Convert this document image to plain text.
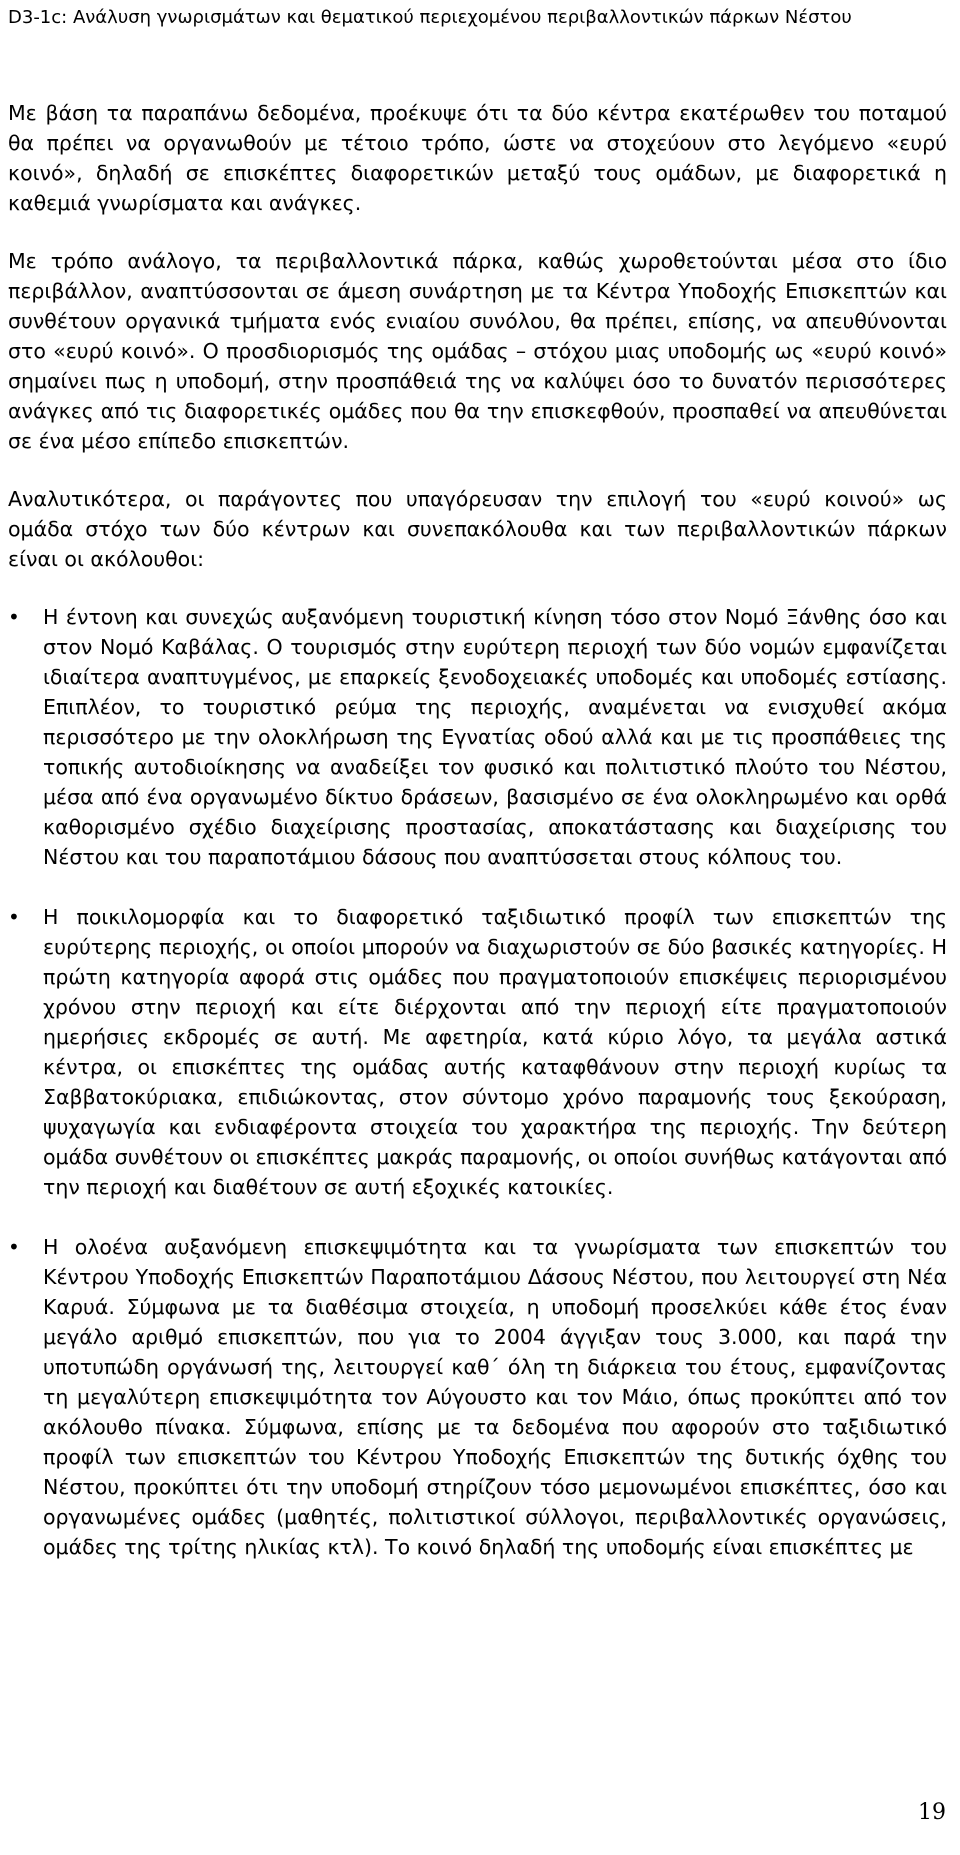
D3-1c: Ανάλυση γνωρισμάτων και θεματικού περιεχομένου περιβαλλοντικών πάρκων Νέστου

Με βάση τα παραπάνω δεδομένα, προέκυψε ότι τα δύο κέντρα εκατέρωθεν του ποταμού θα πρέπει να οργανωθούν με τέτοιο τρόπο, ώστε να στοχεύουν στο λεγόμενο «ευρύ κοινό», δηλαδή σε επισκέπτες διαφορετικών μεταξύ τους ομάδων, με διαφορετικά η καθεμιά γνωρίσματα και ανάγκες.

Με τρόπο ανάλογο, τα περιβαλλοντικά πάρκα, καθώς χωροθετούνται μέσα στο ίδιο περιβάλλον, αναπτύσσονται σε άμεση συνάρτηση με τα Κέντρα Υποδοχής Επισκεπτών και συνθέτουν οργανικά τμήματα ενός ενιαίου συνόλου, θα πρέπει, επίσης, να απευθύνονται στο «ευρύ κοινό». Ο προσδιορισμός της ομάδας – στόχου μιας υποδομής ως «ευρύ κοινό» σημαίνει πως η υποδομή, στην προσπάθειά της να καλύψει όσο το δυνατόν περισσότερες ανάγκες από τις διαφορετικές ομάδες που θα την επισκεφθούν, προσπαθεί να απευθύνεται σε ένα μέσο επίπεδο επισκεπτών.

Αναλυτικότερα, οι παράγοντες που υπαγόρευσαν την επιλογή του «ευρύ κοινού» ως ομάδα στόχο των δύο κέντρων και συνεπακόλουθα και των περιβαλλοντικών πάρκων είναι οι ακόλουθοι:

•	Η έντονη και συνεχώς αυξανόμενη τουριστική κίνηση τόσο στον Νομό Ξάνθης όσο και στον Νομό Καβάλας. Ο τουρισμός στην ευρύτερη περιοχή των δύο νομών εμφανίζεται ιδιαίτερα αναπτυγμένος, με επαρκείς ξενοδοχειακές υποδομές και υποδομές εστίασης. Επιπλέον, το τουριστικό ρεύμα της περιοχής, αναμένεται να ενισχυθεί ακόμα περισσότερο με την ολοκλήρωση της Εγνατίας οδού αλλά και με τις προσπάθειες της τοπικής αυτοδιοίκησης να αναδείξει τον φυσικό και πολιτιστικό πλούτο του Νέστου, μέσα από ένα οργανωμένο δίκτυο δράσεων, βασισμένο σε ένα ολοκληρωμένο και ορθά καθορισμένο σχέδιο διαχείρισης προστασίας, αποκατάστασης και διαχείρισης του Νέστου και του παραποτάμιου δάσους που αναπτύσσεται στους κόλπους του.
•	Η ποικιλομορφία και το διαφορετικό ταξιδιωτικό προφίλ των επισκεπτών της ευρύτερης περιοχής, οι οποίοι μπορούν να διαχωριστούν σε δύο βασικές κατηγορίες. Η πρώτη κατηγορία αφορά στις ομάδες που πραγματοποιούν επισκέψεις περιορισμένου χρόνου στην περιοχή και είτε διέρχονται από την περιοχή είτε πραγματοποιούν ημερήσιες εκδρομές σε αυτή. Με αφετηρία, κατά κύριο λόγο, τα μεγάλα αστικά κέντρα, οι επισκέπτες της ομάδας αυτής καταφθάνουν στην περιοχή κυρίως τα Σαββατοκύριακα, επιδιώκοντας, στον σύντομο χρόνο παραμονής τους ξεκούραση, ψυχαγωγία και ενδιαφέροντα στοιχεία του χαρακτήρα της περιοχής. Την δεύτερη ομάδα συνθέτουν οι επισκέπτες μακράς παραμονής, οι οποίοι συνήθως κατάγονται από την περιοχή και διαθέτουν σε αυτή εξοχικές κατοικίες.
•	Η ολοένα αυξανόμενη επισκεψιμότητα και τα γνωρίσματα των επισκεπτών του Κέντρου Υποδοχής Επισκεπτών Παραποτάμιου Δάσους Νέστου, που λειτουργεί στη Νέα Καρυά. Σύμφωνα με τα διαθέσιμα στοιχεία, η υποδομή προσελκύει κάθε έτος έναν μεγάλο αριθμό επισκεπτών, που για το 2004 άγγιξαν τους 3.000, και παρά την υποτυπώδη οργάνωσή της, λειτουργεί καθ΄ όλη τη διάρκεια του έτους, εμφανίζοντας τη μεγαλύτερη επισκεψιμότητα τον Αύγουστο και τον Μάιο, όπως προκύπτει από τον ακόλουθο πίνακα. Σύμφωνα, επίσης με τα δεδομένα που αφορούν στο ταξιδιωτικό προφίλ των επισκεπτών του Κέντρου Υποδοχής Επισκεπτών της δυτικής όχθης του Νέστου, προκύπτει ότι την υποδομή στηρίζουν τόσο μεμονωμένοι επισκέπτες, όσο και οργανωμένες ομάδες (μαθητές, πολιτιστικοί σύλλογοι, περιβαλλοντικές οργανώσεις, ομάδες της τρίτης ηλικίας κτλ). Το κοινό δηλαδή της υποδομής είναι επισκέπτες με
19
